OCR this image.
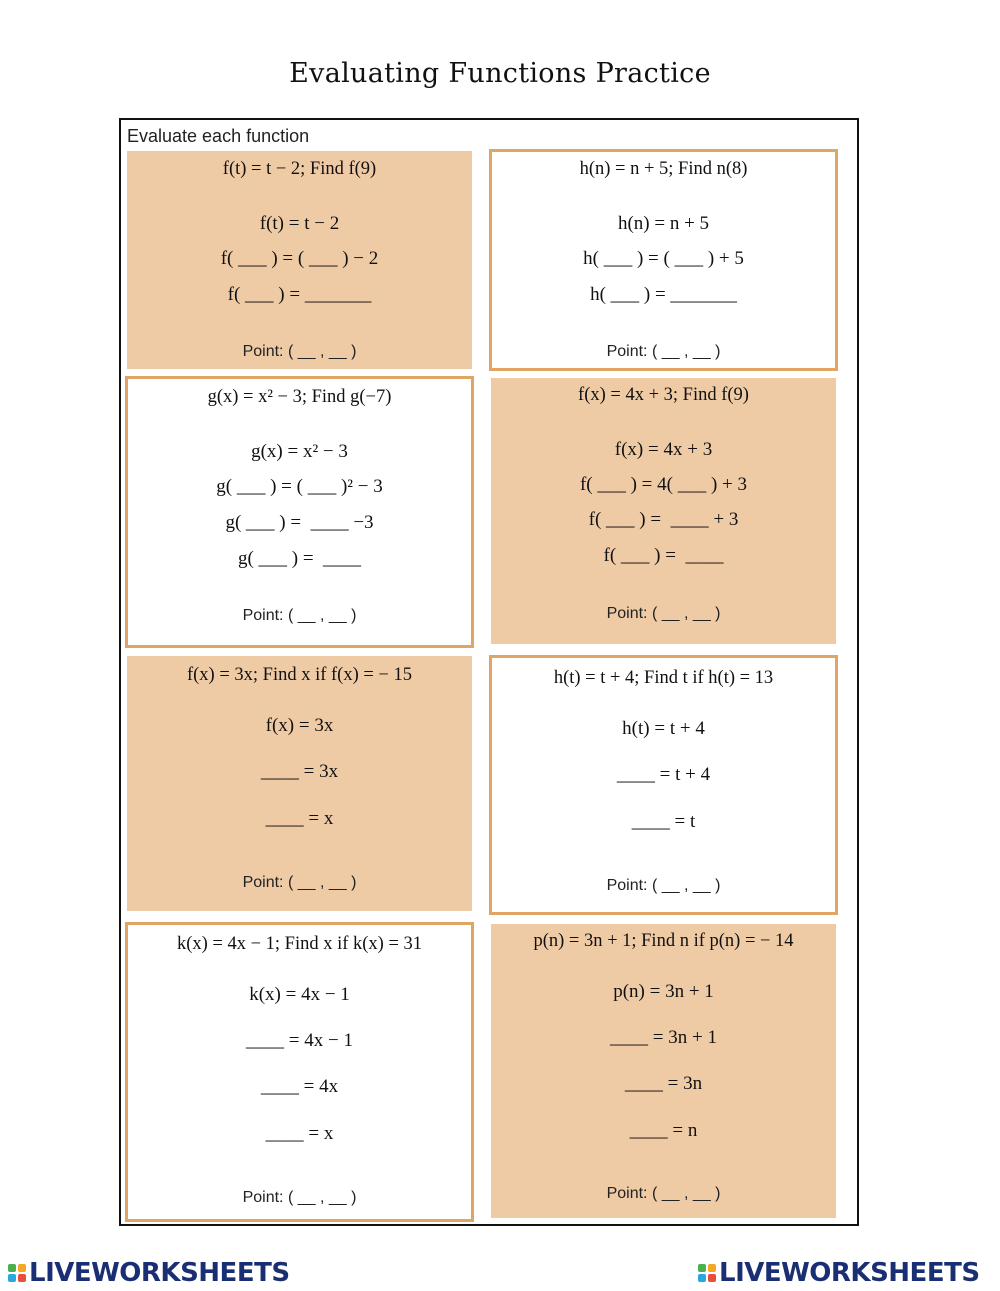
Evaluating Functions Practice
Evaluate each function
f(t) = t − 2; Find f(9)
f(t) = t − 2
f( ___ ) = ( ___ ) − 2
f( ___ ) = _______
Point: ( __ , __ )
h(n) = n + 5; Find n(8)
h(n) = n + 5
h( ___ ) = ( ___ ) + 5
h( ___ ) = _______
Point: ( __ , __ )
g(x) = x² − 3; Find g(−7)
g(x) = x² − 3
g( ___ ) = ( ___ )² − 3
g( ___ ) =  ____ −3
g( ___ ) =  ____
Point: ( __ , __ )
f(x) = 4x + 3; Find f(9)
f(x) = 4x + 3
f( ___ ) = 4( ___ ) + 3
f( ___ ) =  ____ + 3
f( ___ ) =  ____
Point: ( __ , __ )
f(x) = 3x; Find x if f(x) = − 15
f(x) = 3x
____ = 3x
____ = x
Point: ( __ , __ )
h(t) = t + 4; Find t if h(t) = 13
h(t) = t + 4
____ = t + 4
____ = t
Point: ( __ , __ )
k(x) = 4x − 1; Find x if k(x) = 31
k(x) = 4x − 1
____ = 4x − 1
____ = 4x
____ = x
Point: ( __ , __ )
p(n) = 3n + 1; Find n if p(n) = − 14
p(n) = 3n + 1
____ = 3n + 1
____ = 3n
____ = n
Point: ( __ , __ )
LIVEWORKSHEETS	LIVEWORKSHEETS
